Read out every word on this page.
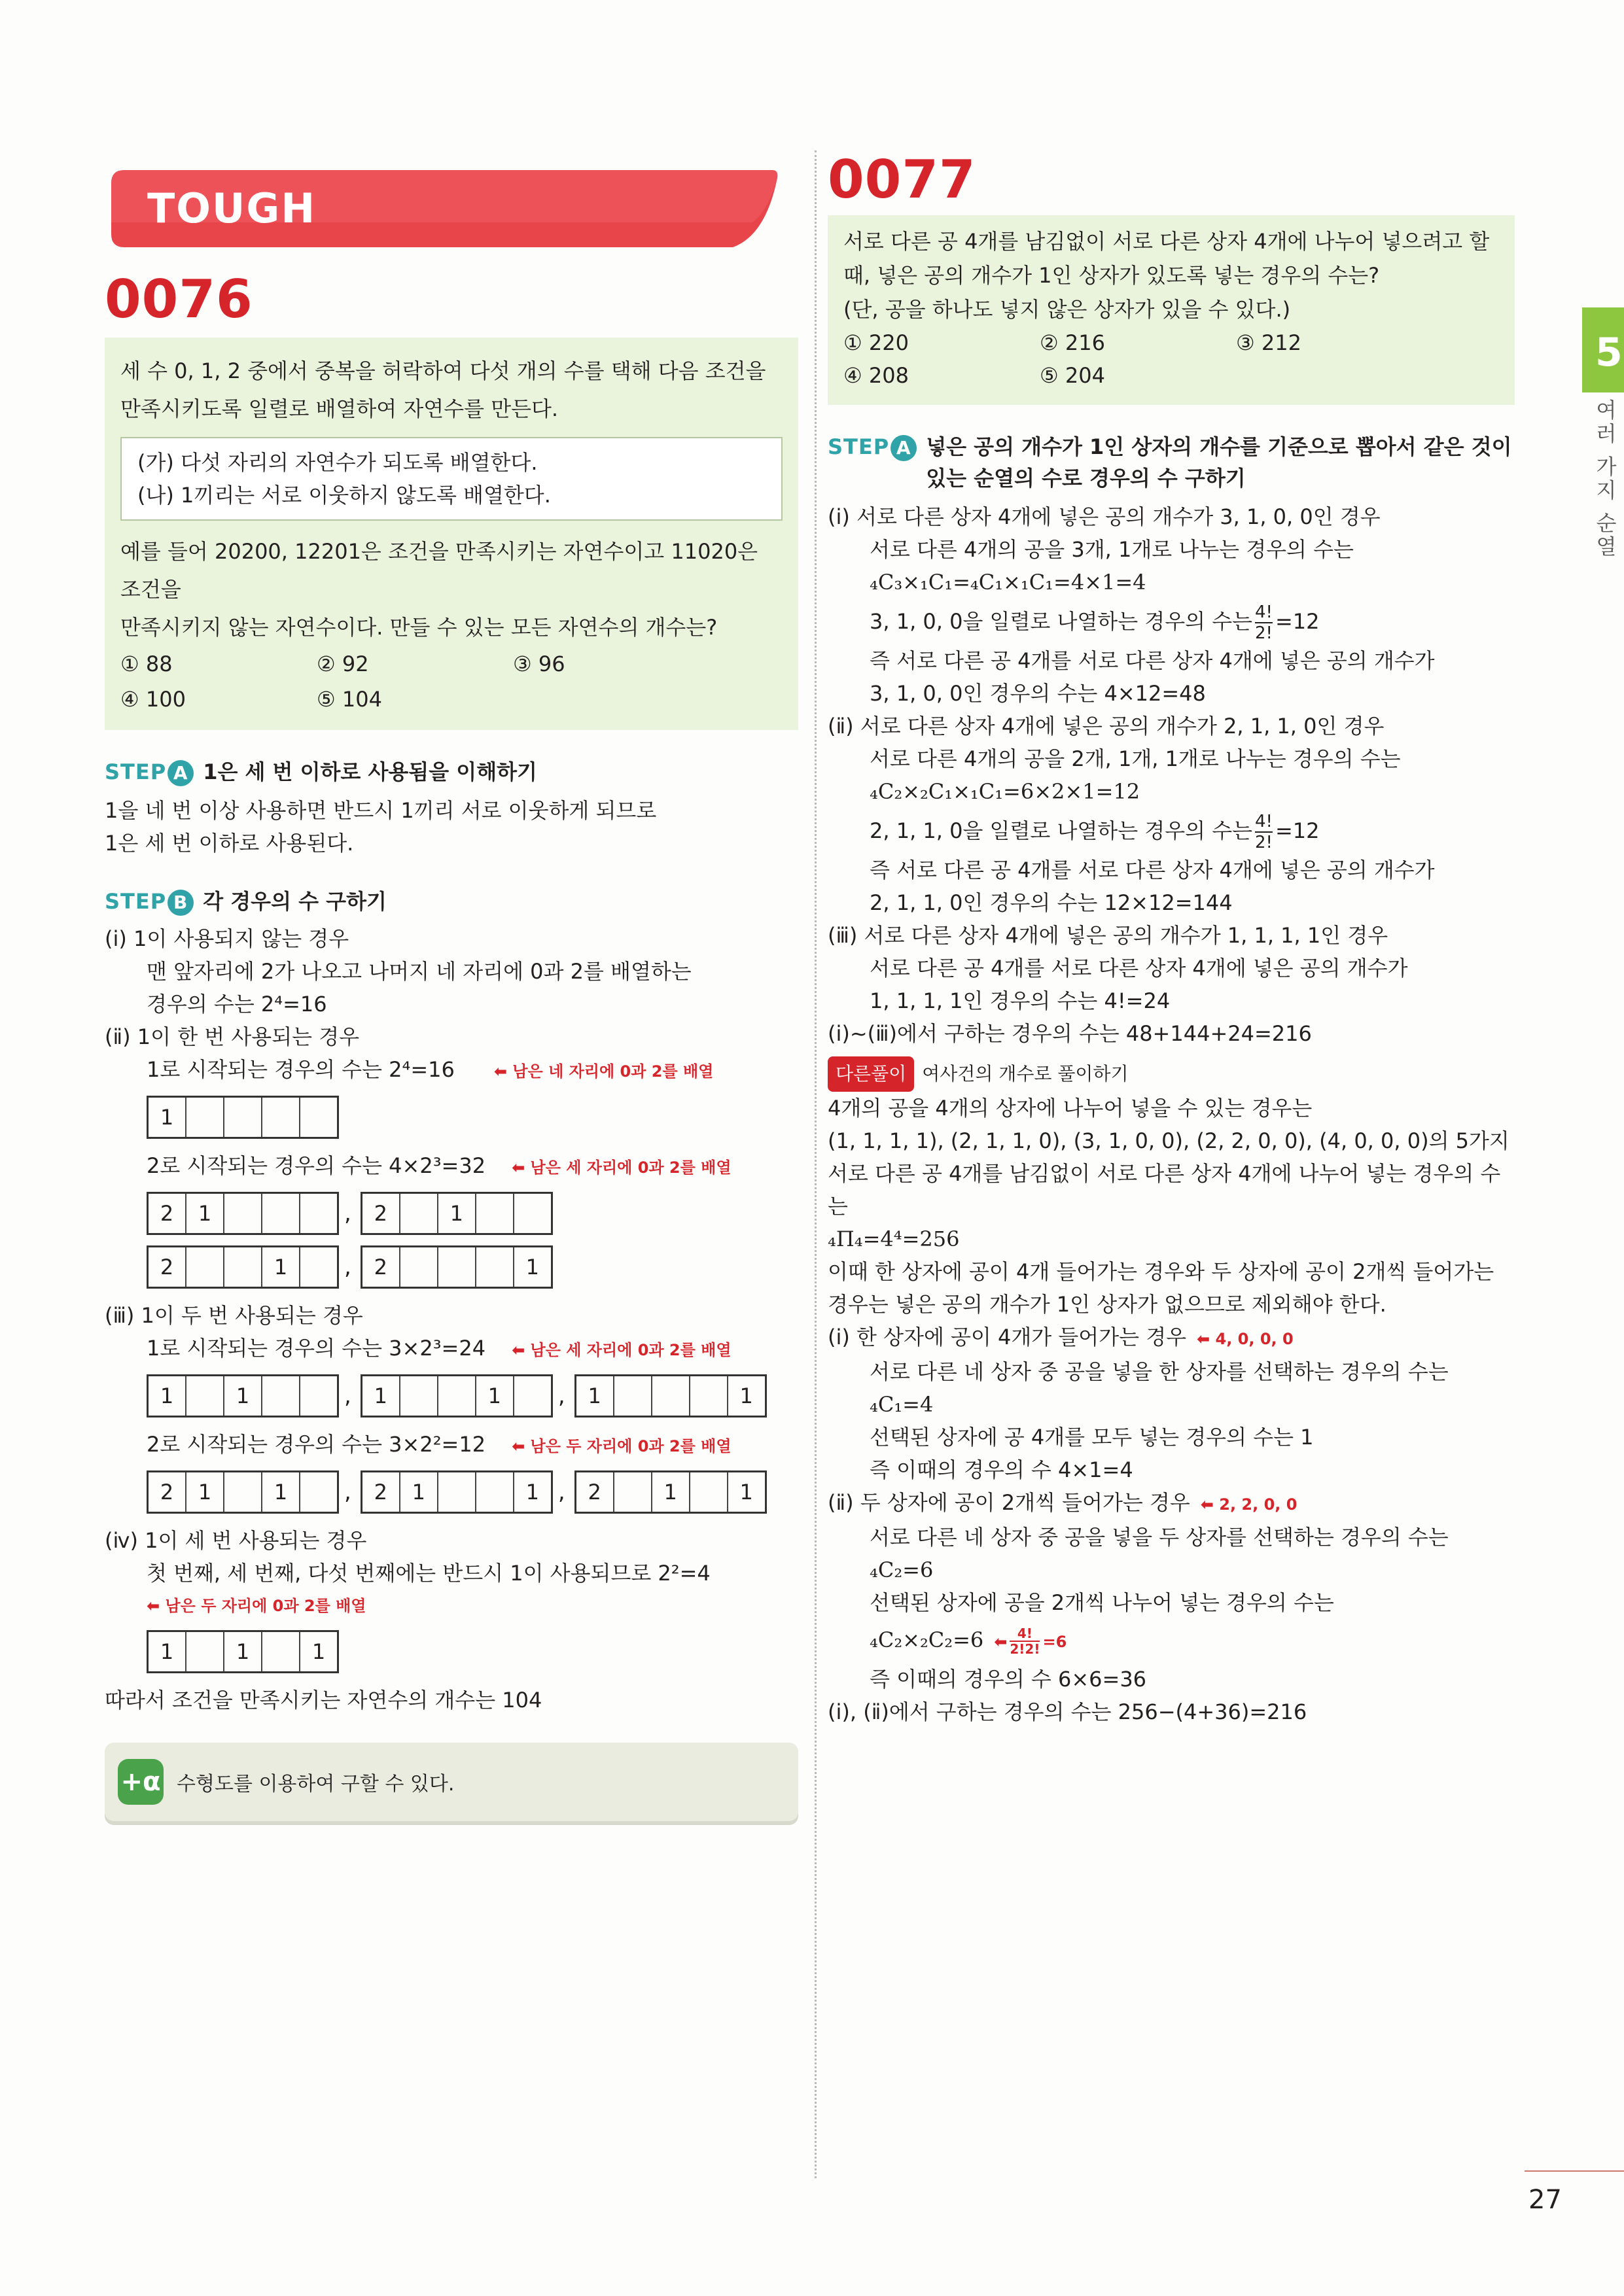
TOUGH
0076

세 수 0, 1, 2 중에서 중복을 허락하여 다섯 개의 수를 택해 다음 조건을

만족시키도록 일렬로 배열하여 자연수를 만든다.

(가) 다섯 자리의 자연수가 되도록 배열한다.
(나) 1끼리는 서로 이웃하지 않도록 배열한다.

예를 들어 20200, 12201은 조건을 만족시키는 자연수이고 11020은 조건을

만족시키지 않는 자연수이다. 만들 수 있는 모든 자연수의 개수는?

① 88	② 92	③ 96
④ 100	⑤ 104
STEP A 1은 세 번 이하로 사용됨을 이해하기
1을 네 번 이상 사용하면 반드시 1끼리 서로 이웃하게 되므로
1은 세 번 이하로 사용된다.
STEP B 각 경우의 수 구하기
(ⅰ) 1이 사용되지 않는 경우
맨 앞자리에 2가 나오고 나머지 네 자리에 0과 2를 배열하는
경우의 수는 2⁴=16
(ⅱ) 1이 한 번 사용되는 경우
1로 시작되는 경우의 수는 2⁴=16	⬅ 남은 네 자리에 0과 2를 배열
1
2로 시작되는 경우의 수는 4×2³=32 ⬅ 남은 세 자리에 0과 2를 배열
2	1	,	2	1
2	1	,	2	1
(ⅲ) 1이 두 번 사용되는 경우
1로 시작되는 경우의 수는 3×2³=24 ⬅ 남은 세 자리에 0과 2를 배열
1	1	,	1	1	,	1	1
2로 시작되는 경우의 수는 3×2²=12 ⬅ 남은 두 자리에 0과 2를 배열
2	1	1	,	2	1	1 ,	2	1	1
(ⅳ) 1이 세 번 사용되는 경우
첫 번째, 세 번째, 다섯 번째에는 반드시 1이 사용되므로 2²=4
⬅ 남은 두 자리에 0과 2를 배열
1	1	1
따라서 조건을 만족시키는 자연수의 개수는 104
+α 수형도를 이용하여 구할 수 있다.
0077

서로 다른 공 4개를 남김없이 서로 다른 상자 4개에 나누어 넣으려고 할

때, 넣은 공의 개수가 1인 상자가 있도록 넣는 경우의 수는?

(단, 공을 하나도 넣지 않은 상자가 있을 수 있다.)

① 220	② 216	③ 212
④ 208	⑤ 204
STEP A 넣은 공의 개수가 1인 상자의 개수를 기준으로 뽑아서 같은 것이
있는 순열의 수로 경우의 수 구하기
(ⅰ) 서로 다른 상자 4개에 넣은 공의 개수가 3, 1, 0, 0인 경우
서로 다른 4개의 공을 3개, 1개로 나누는 경우의 수는
₄C₃×₁C₁=₄C₁×₁C₁=4×1=4
3, 1, 0, 0을 일렬로 나열하는 경우의 수는 $\frac{4!}{2!} =12$
즉 서로 다른 공 4개를 서로 다른 상자 4개에 넣은 공의 개수가
3, 1, 0, 0인 경우의 수는 4×12=48
(ⅱ) 서로 다른 상자 4개에 넣은 공의 개수가 2, 1, 1, 0인 경우
서로 다른 4개의 공을 2개, 1개, 1개로 나누는 경우의 수는
₄C₂×₂C₁×₁C₁=6×2×1=12
2, 1, 1, 0을 일렬로 나열하는 경우의 수는 $\frac{4!}{2!} =12$
즉 서로 다른 공 4개를 서로 다른 상자 4개에 넣은 공의 개수가
2, 1, 1, 0인 경우의 수는 12×12=144
(ⅲ) 서로 다른 상자 4개에 넣은 공의 개수가 1, 1, 1, 1인 경우
서로 다른 공 4개를 서로 다른 상자 4개에 넣은 공의 개수가
1, 1, 1, 1인 경우의 수는 4!=24
(ⅰ)~(ⅲ)에서 구하는 경우의 수는 48+144+24=216
다른풀이 여사건의 개수로 풀이하기
4개의 공을 4개의 상자에 나누어 넣을 수 있는 경우는
(1, 1, 1, 1), (2, 1, 1, 0), (3, 1, 0, 0), (2, 2, 0, 0), (4, 0, 0, 0)의 5가지
서로 다른 공 4개를 남김없이 서로 다른 상자 4개에 나누어 넣는 경우의 수는
₄Π₄=4⁴=256
이때 한 상자에 공이 4개 들어가는 경우와 두 상자에 공이 2개씩 들어가는
경우는 넣은 공의 개수가 1인 상자가 없으므로 제외해야 한다.
(ⅰ) 한 상자에 공이 4개가 들어가는 경우 ⬅ 4, 0, 0, 0
서로 다른 네 상자 중 공을 넣을 한 상자를 선택하는 경우의 수는
₄C₁=4
선택된 상자에 공 4개를 모두 넣는 경우의 수는 1
즉 이때의 경우의 수 4×1=4
(ⅱ) 두 상자에 공이 2개씩 들어가는 경우 ⬅ 2, 2, 0, 0
서로 다른 네 상자 중 공을 넣을 두 상자를 선택하는 경우의 수는
₄C₂=6
선택된 상자에 공을 2개씩 나누어 넣는 경우의 수는
₄C₂×₂C₂=6 ⬅ $\frac{4!}{2!2!} =6$
즉 이때의 경우의 수 6×6=36
(ⅰ), (ⅱ)에서 구하는 경우의 수는 256−(4+36)=216
5
여러 가지 순열
27
